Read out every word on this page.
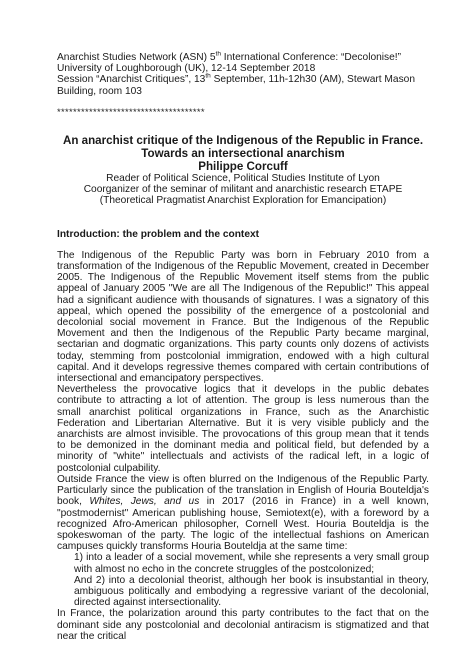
Anarchist Studies Network (ASN) 5th International Conference: “Decolonise!”

University of Loughborough (UK), 12-14 September 2018

Session “Anarchist Critiques”, 13th September, 11h-12h30 (AM), Stewart Mason Building, room 103

*************************************

An anarchist critique of the Indigenous of the Republic in France.

Towards an intersectional anarchism

Philippe Corcuff

Reader of Political Science, Political Studies Institute of Lyon

Coorganizer of the seminar of militant and anarchistic research ETAPE (Theoretical Pragmatist Anarchist Exploration for Emancipation)

Introduction: the problem and the context

The Indigenous of the Republic Party was born in February 2010 from a transformation of the Indigenous of the Republic Movement, created in December 2005. The Indigenous of the Republic Movement itself stems from the public appeal of January 2005 "We are all The Indigenous of the Republic!" This appeal had a significant audience with thousands of signatures. I was a signatory of this appeal, which opened the possibility of the emergence of a postcolonial and decolonial social movement in France. But the Indigenous of the Republic Movement and then the Indigenous of the Republic Party became marginal, sectarian and dogmatic organizations. This party counts only dozens of activists today, stemming from postcolonial immigration, endowed with a high cultural capital. And it develops regressive themes compared with certain contributions of intersectional and emancipatory perspectives.

Nevertheless the provocative logics that it develops in the public debates contribute to attracting a lot of attention. The group is less numerous than the small anarchist political organizations in France, such as the Anarchistic Federation and Libertarian Alternative. But it is very visible publicly and the anarchists are almost invisible. The provocations of this group mean that it tends to be demonized in the dominant media and political field, but defended by a minority of "white" intellectuals and activists of the radical left, in a logic of postcolonial culpability.

Outside France the view is often blurred on the Indigenous of the Republic Party. Particularly since the publication of the translation in English of Houria Bouteldja's book, Whites, Jews, and us in 2017 (2016 in France) in a well known, "postmodernist" American publishing house, Semiotext(e), with a foreword by a recognized Afro-American philosopher, Cornell West. Houria Bouteldja is the spokeswoman of the party. The logic of the intellectual fashions on American campuses quickly transforms Houria Bouteldja at the same time:

1) into a leader of a social movement, while she represents a very small group with almost no echo in the concrete struggles of the postcolonized;
And 2) into a decolonial theorist, although her book is insubstantial in theory, ambiguous politically and embodying a regressive variant of the decolonial, directed against intersectionality.

In France, the polarization around this party contributes to the fact that on the dominant side any postcolonial and decolonial antiracism is stigmatized and that near the critical
